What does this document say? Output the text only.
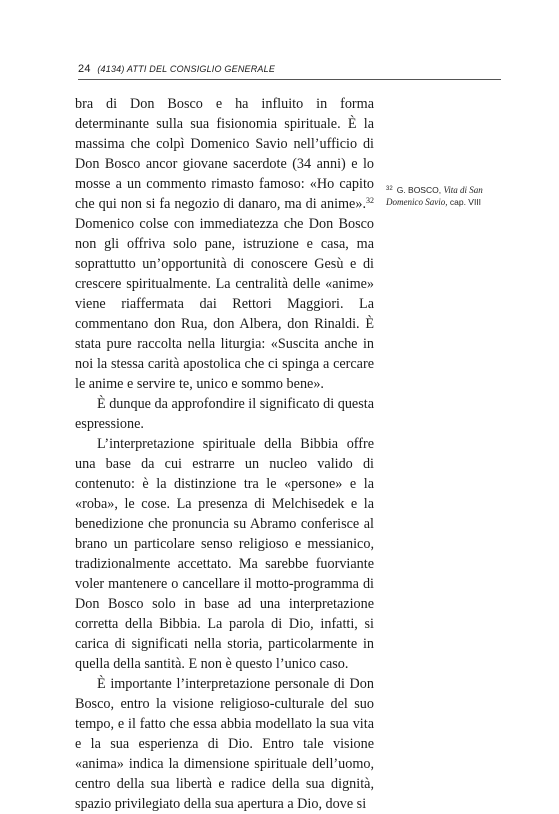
24 (4134) ATTI DEL CONSIGLIO GENERALE

bra di Don Bosco e ha influito in forma determinante sulla sua fisionomia spirituale. È la massima che colpì Domenico Savio nell’ufficio di Don Bosco ancor giovane sacerdote (34 anni) e lo mosse a un commento rimasto famoso: «Ho capito che qui non si fa negozio di danaro, ma di anime».$^{32}$ Domenico colse con immediatezza che Don Bosco non gli offriva solo pane, istruzione e casa, ma soprattutto un’opportunità di conoscere Gesù e di crescere spiritualmente. La centralità delle «anime» viene riaffermata dai Rettori Maggiori. La commentano don Rua, don Albera, don Rinaldi. È stata pure raccolta nella liturgia: «Suscita anche in noi la stessa carità apostolica che ci spinga a cercare le anime e servire te, unico e sommo bene».

È dunque da approfondire il significato di questa espressione.

L’interpretazione spirituale della Bibbia offre una base da cui estrarre un nucleo valido di contenuto: è la distinzione tra le «persone» e la «roba», le cose. La presenza di Melchisedek e la benedizione che pronuncia su Abramo conferisce al brano un particolare senso religioso e messianico, tradizionalmente accettato. Ma sarebbe fuorviante voler mantenere o cancellare il motto-programma di Don Bosco solo in base ad una interpretazione corretta della Bibbia. La parola di Dio, infatti, si carica di significati nella storia, particolarmente in quella della santità. E non è questo l’unico caso.

È importante l’interpretazione personale di Don Bosco, entro la visione religioso-culturale del suo tempo, e il fatto che essa abbia modellato la sua vita e la sua esperienza di Dio. Entro tale visione «anima» indica la dimensione spirituale dell’uomo, centro della sua libertà e radice della sua dignità, spazio privilegiato della sua apertura a Dio, dove si

$^{32}$ G. BOSCO, Vita di San Domenico Savio, cap. VIII
